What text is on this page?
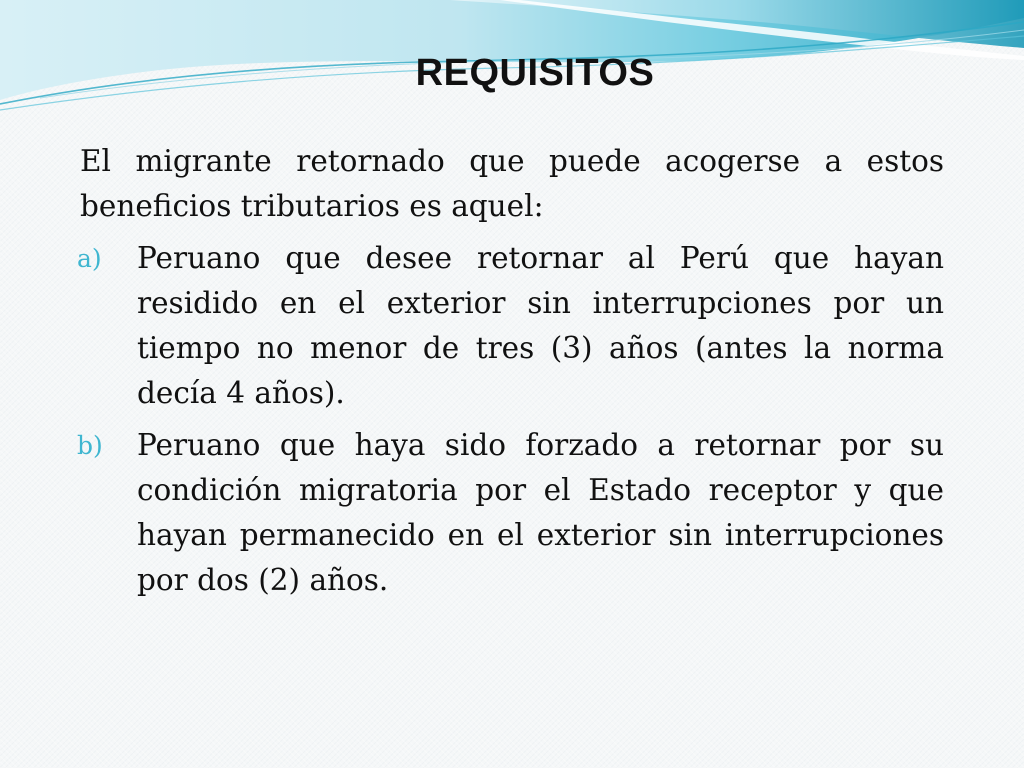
REQUISITOS

El migrante retornado que puede acogerse a estos beneficios tributarios es aquel:

a) Peruano que desee retornar al Perú que hayan residido en el exterior sin interrupciones por un tiempo no menor de tres (3) años (antes la norma decía 4 años).
b) Peruano que haya sido forzado a retornar por su condición migratoria por el Estado receptor y que hayan permanecido en el exterior sin interrupciones por dos (2) años.
